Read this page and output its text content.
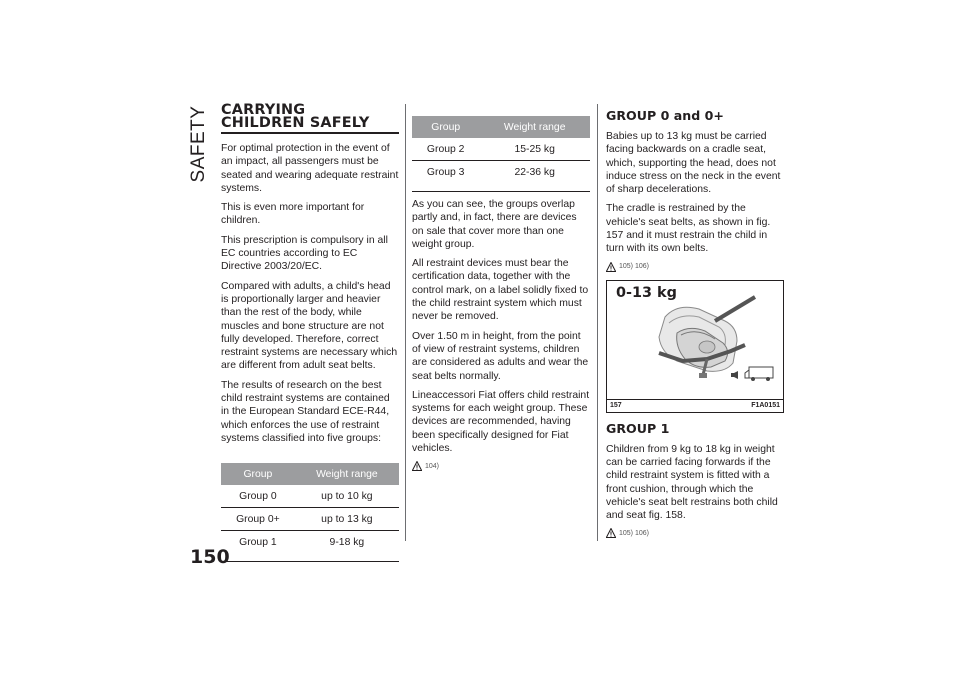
SAFETY CARRYING
CHILDREN SAFELY

For optimal protection in the event of an impact, all passengers must be seated and wearing adequate restraint systems.

This is even more important for children.

This prescription is compulsory in all EC countries according to EC Directive 2003/20/EC.

Compared with adults, a child's head is proportionally larger and heavier than the rest of the body, while muscles and bone structure are not fully developed. Therefore, correct restraint systems are necessary which are different from adult seat belts.

The results of research on the best child restraint systems are contained in the European Standard ECE-R44, which enforces the use of restraint systems classified into five groups:

Group	Weight range
Group 0	up to 10 kg
Group 0+	up to 13 kg
Group 1	9-18 kg
Group	Weight range
Group 2	15-25 kg
Group 3	22-36 kg

As you can see, the groups overlap partly and, in fact, there are devices on sale that cover more than one weight group.

All restraint devices must bear the certification data, together with the control mark, on a label solidly fixed to the child restraint system which must never be removed.

Over 1.50 m in height, from the point of view of restraint systems, children are considered as adults and wear the seat belts normally.

Lineaccessori Fiat offers child restraint systems for each weight group. These devices are recommended, having been specifically designed for Fiat vehicles.

104)
GROUP 0 and 0+

Babies up to 13 kg must be carried facing backwards on a cradle seat, which, supporting the head, does not induce stress on the neck in the event of sharp decelerations.

The cradle is restrained by the vehicle's seat belts, as shown in fig. 157 and it must restrain the child in turn with its own belts.

105) 106)
0-13 kg
157	F1A0151
GROUP 1

Children from 9 kg to 18 kg in weight can be carried facing forwards if the child restraint system is fitted with a front cushion, through which the vehicle's seat belt restrains both child and seat fig. 158.

105) 106)
150
